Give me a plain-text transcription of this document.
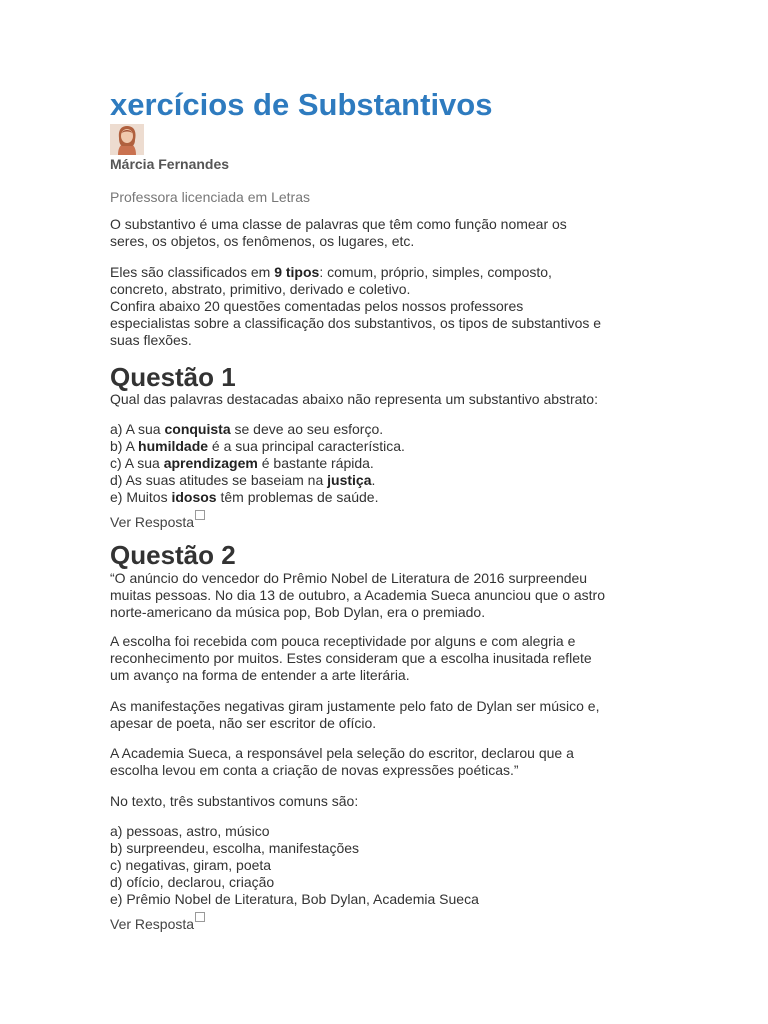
xercícios de Substantivos
Márcia Fernandes
Professora licenciada em Letras
O substantivo é uma classe de palavras que têm como função nomear os
seres, os objetos, os fenômenos, os lugares, etc.
Eles são classificados em 9 tipos: comum, próprio, simples, composto,
concreto, abstrato, primitivo, derivado e coletivo.
Confira abaixo 20 questões comentadas pelos nossos professores
especialistas sobre a classificação dos substantivos, os tipos de substantivos e
suas flexões.
Questão 1
Qual das palavras destacadas abaixo não representa um substantivo abstrato:
a) A sua conquista se deve ao seu esforço.
b) A humildade é a sua principal característica.
c) A sua aprendizagem é bastante rápida.
d) As suas atitudes se baseiam na justiça.
e) Muitos idosos têm problemas de saúde.
Ver Resposta
Questão 2
“O anúncio do vencedor do Prêmio Nobel de Literatura de 2016 surpreendeu
muitas pessoas. No dia 13 de outubro, a Academia Sueca anunciou que o astro
norte-americano da música pop, Bob Dylan, era o premiado.
A escolha foi recebida com pouca receptividade por alguns e com alegria e
reconhecimento por muitos. Estes consideram que a escolha inusitada reflete
um avanço na forma de entender a arte literária.
As manifestações negativas giram justamente pelo fato de Dylan ser músico e,
apesar de poeta, não ser escritor de ofício.
A Academia Sueca, a responsável pela seleção do escritor, declarou que a
escolha levou em conta a criação de novas expressões poéticas.”
No texto, três substantivos comuns são:
a) pessoas, astro, músico
b) surpreendeu, escolha, manifestações
c) negativas, giram, poeta
d) ofício, declarou, criação
e) Prêmio Nobel de Literatura, Bob Dylan, Academia Sueca
Ver Resposta
